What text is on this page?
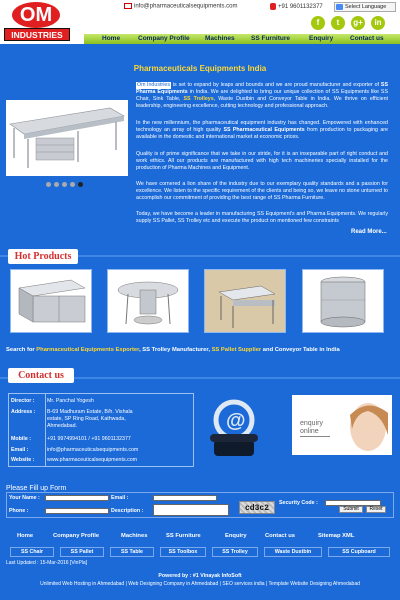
OM
INDUSTRIES
info@pharmaceuticalsequipments.com	+91 9601132377	Select Language
f	t	g+	in
Home	Company Profile Machines	SS Furniture	Enquiry	Contact us
Pharmaceuticals Equipments India
Om Industries is set to expand by leaps and bounds and we are proud manufacturer and exporter of SS Pharma Equipments in India. We are delighted to bring our unique collection of SS Equipments like SS Chair, Sink Table, SS Trolleys, Waste Dustbin and Conveyor Table in India. We thrive on efficient leadership, engineering excellence, cutting technology and professional approach.
In the new millennium, the pharmaceutical equipment industry has changed. Empowered with enhanced technology an array of high quality SS Pharmaceutical Equipments from production to packaging are available in the domestic and international market at economic prices.
Quality is of prime significance that we take in our stride, for it is an inseparable part of right conduct and work ethics. All our products are manufactured with high tech machineries specially installed for the production of Pharma Machines and Equipment.
We have cornered a lion share of the industry due to our exemplary quality standards and a passion for excellence. We listen to the specific requirement of the clients and being so, we leave no stone unturned to accomplish our commitment of providing the best range of SS Pharma Furniture.
Today, we have become a leader in manufacturing SS Equipment's and Pharma Equipments. We regularly supply SS Pallet, SS Trolley etc and execute the product on mentioned few constraints
Read More...
Hot Products
Search for Pharmaceutical Equipments Exporter, SS Trolley Manufacturer, SS Pallet Supplier and Conveyor Table in India
Contact us
Director : Mr. Panchal Yogesh
Address : B-69 Madhuram Estate, B/h. Vishala estate, SP Ring Road, Kathwada, Ahmedabad.
Mobile :	+91 9974994101 / +91 9601132377
Email :	info@pharmaceuticalsequipments.com
Website : www.pharmaceuticalsequipments.com
@	enquiry
online
Please Fill up Form
Your Name :	Email :
Phone :	Description :	cd3c2
Security Code :
Submit	Reset
Home	Company Profile	Machines	SS Furniture	Enquiry	Contact us	Sitemap XML
SS Chair	SS Pallet	SS Table	SS Toolbox	SS Trolley	Waste Dustbin	SS Cupboard
Last Updated : 15-Mar-2016 [VinPla]
Powered by : #1 Vinayak InfoSoft
Unlimited Web Hosting in Ahmedabad | Web Designing Company in Ahmedabad | SEO services india | Template Website Designing Ahmedabad
